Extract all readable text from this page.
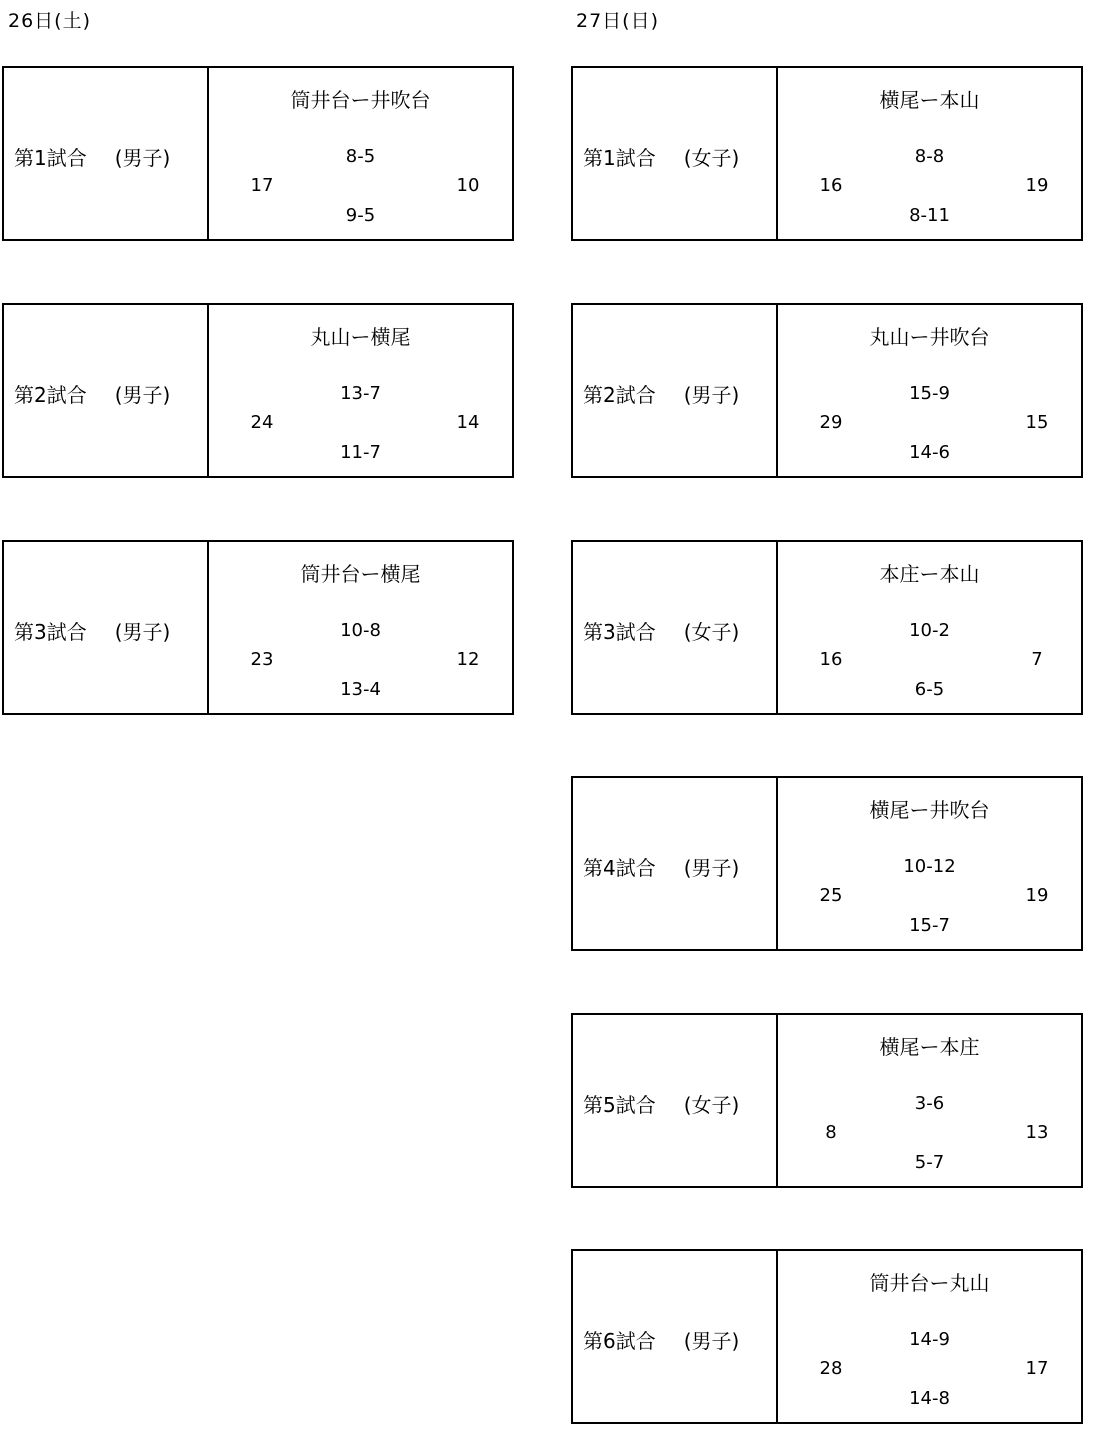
26日(土)
第1試合 (男子)
筒井台ー井吹台
8-5
17	10
9-5
第2試合 (男子)
丸山ー横尾
13-7
24	14
11-7
第3試合 (男子)
筒井台ー横尾
10-8
23	12
13-4
27日(日)
第1試合 (女子)
横尾ー本山
8-8
16	19
8-11
第2試合 (男子)
丸山ー井吹台
15-9
29	15
14-6
第3試合 (女子)
本庄ー本山
10-2
16	7
6-5
第4試合 (男子)
横尾ー井吹台
10-12
25	19
15-7
第5試合 (女子)
横尾ー本庄
3-6
8	13
5-7
第6試合 (男子)
筒井台ー丸山
14-9
28	17
14-8
